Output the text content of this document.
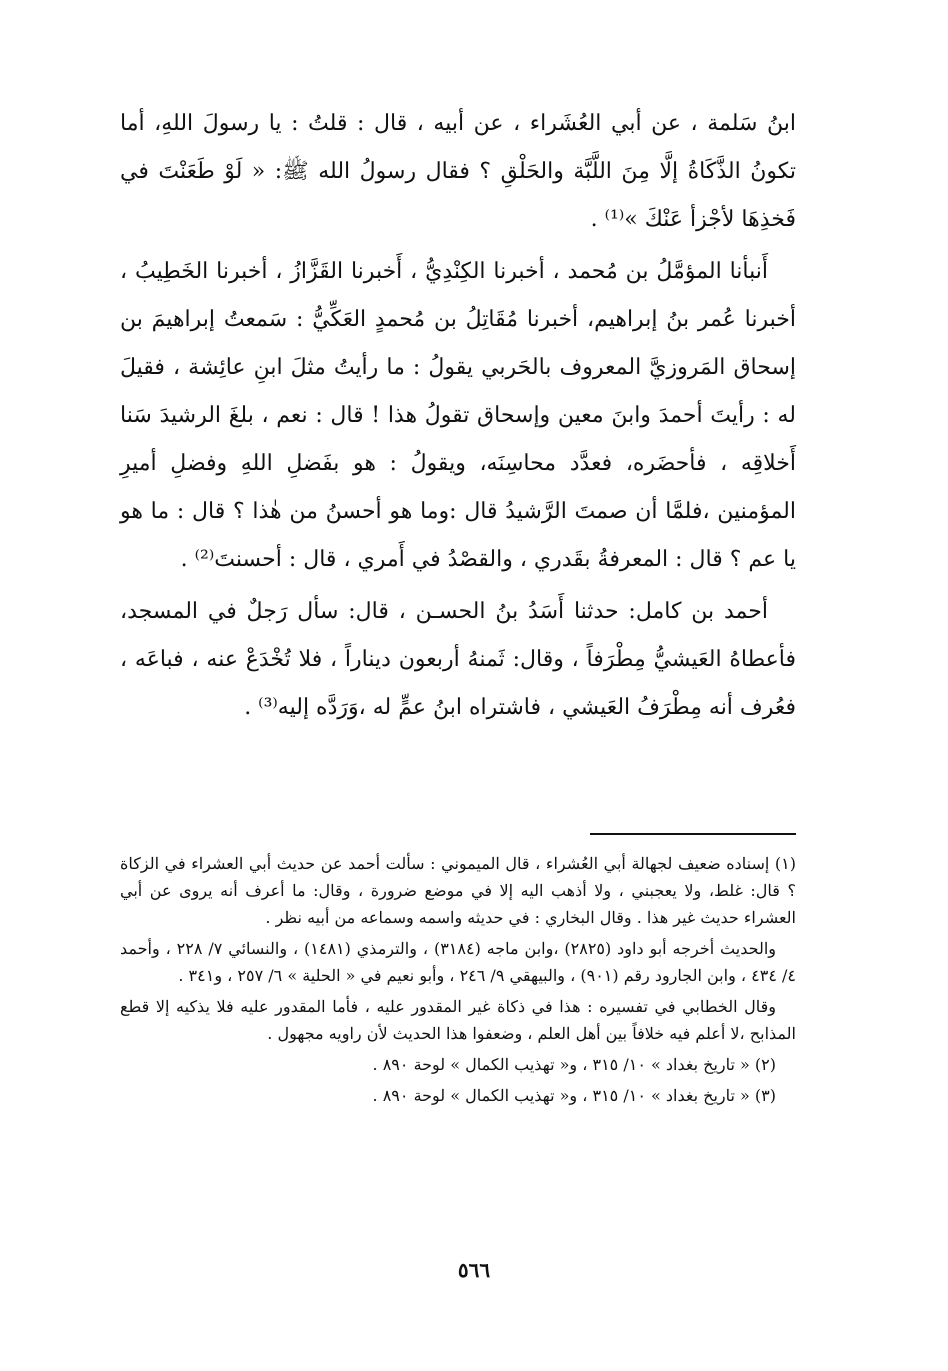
ابنُ سَلمة ، عن أبي العُشَراء ، عن أبيه ، قال : قلتُ : يا رسولَ اللهِ، أما تكونُ الذَّكَاةُ إلَّا مِنَ اللَّبَّة والحَلْقِ ؟ فقال رسولُ الله ﷺ: « لَوْ طَعَنْتَ في فَخذِهَا لأجْزأ عَنْكَ »⁽¹⁾ .

أَنبأنا المؤمَّلُ بن مُحمد ، أخبرنا الكِنْدِيُّ ، أَخبرنا القَزَّازُ ، أخبرنا الخَطِيبُ ، أخبرنا عُمر بنُ إبراهيم، أخبرنا مُقَاتِلُ بن مُحمدٍ العَكِّيُّ : سَمعتُ إبراهيمَ بن إسحاق المَروزيَّ المعروف بالحَربي يقولُ : ما رأيتُ مثلَ ابنِ عائِشة ، فقيلَ له : رأيتَ أحمدَ وابنَ معين وإسحاق تقولُ هذا ! قال : نعم ، بلغَ الرشيدَ سَنا أَخلاقِه ، فأحضَره، فعدَّد محاسِنَه، ويقولُ : هو بفَضلِ اللهِ وفضلِ أميرِ المؤمنين ،فلمَّا أن صمتَ الرَّشيدُ قال :وما هو أحسنُ من هٰذا ؟ قال : ما هو يا عم ؟ قال : المعرفةُ بقَدري ، والقصْدُ في أَمري ، قال : أحسنتَ⁽²⁾ .

أحمد بن كامل: حدثنا أَسَدُ بنُ الحسـن ، قال: سأل رَجلٌ في المسجد، فأعطاهُ العَيشيُّ مِطْرَفاً ، وقال: ثَمنهُ أربعون ديناراً ، فلا تُخْدَعْ عنه ، فباعَه ، فعُرف أنه مِطْرَفُ العَيشي ، فاشتراه ابنُ عمٍّ له ،وَرَدَّه إليه⁽³⁾ .

(١) إسناده ضعيف لجهالة أبي العُشراء ، قال الميموني : سألت أحمد عن حديث أبي العشراء في الزكاة ؟ قال: غلط، ولا يعجبني ، ولا أذهب اليه إلا في موضع ضرورة ، وقال: ما أعرف أنه يروى عن أبي العشراء حديث غير هذا . وقال البخاري : في حديثه واسمه وسماعه من أبيه نظر .

والحديث أخرجه أبو داود (٢٨٢٥) ،وابن ماجه (٣١٨٤) ، والترمذي (١٤٨١) ، والنسائي ٧/ ٢٢٨ ، وأحمد ٤/ ٤٣٤ ، وابن الجارود رقم (٩٠١) ، والبيهقي ٩/ ٢٤٦ ، وأبو نعيم في « الحلية » ٦/ ٢٥٧ ، و٣٤١ .

وقال الخطابي في تفسيره : هذا في ذكاة غير المقدور عليه ، فأما المقدور عليه فلا يذكيه إلا قطع المذابح ،لا أعلم فيه خلافاً بين أهل العلم ، وضعفوا هذا الحديث لأن راويه مجهول .

(٢) « تاريخ بغداد » ١٠/ ٣١٥ ، و« تهذيب الكمال » لوحة ٨٩٠ .

(٣) « تاريخ بغداد » ١٠/ ٣١٥ ، و« تهذيب الكمال » لوحة ٨٩٠ .

٥٦٦
